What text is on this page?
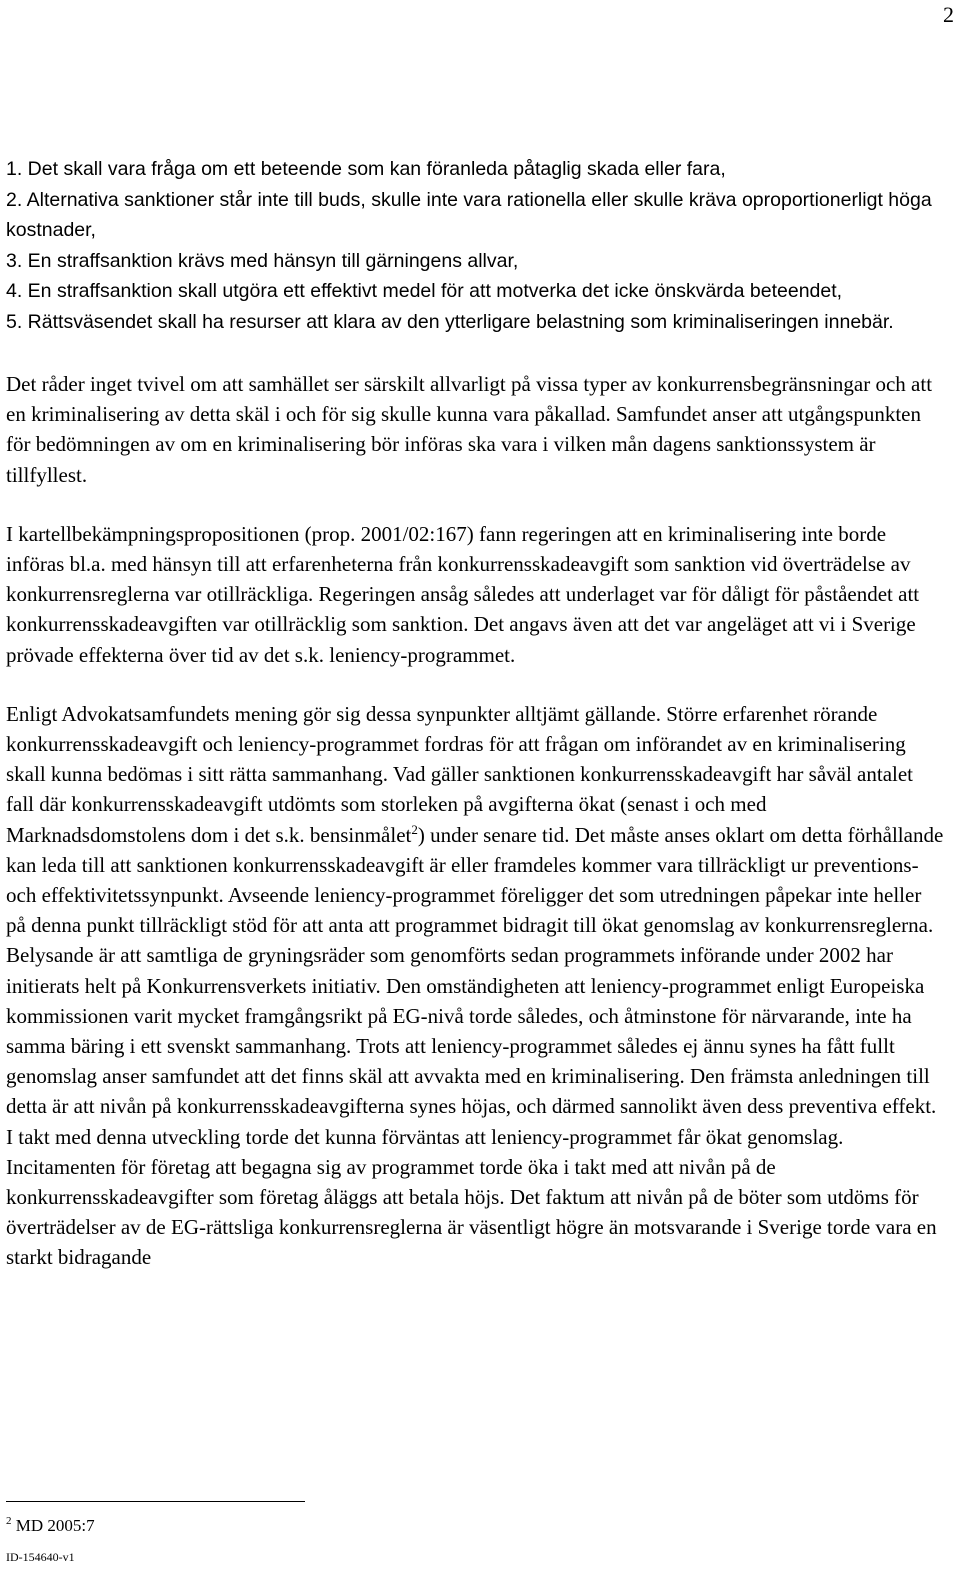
2
1. Det skall vara fråga om ett beteende som kan föranleda påtaglig skada eller fara,
2. Alternativa sanktioner står inte till buds, skulle inte vara rationella eller skulle kräva oproportionerligt höga kostnader,
3. En straffsanktion krävs med hänsyn till gärningens allvar,
4. En straffsanktion skall utgöra ett effektivt medel för att motverka det icke önskvärda beteendet,
5. Rättsväsendet skall ha resurser att klara av den ytterligare belastning som kriminaliseringen innebär.

Det råder inget tvivel om att samhället ser särskilt allvarligt på vissa typer av konkurrensbegränsningar och att en kriminalisering av detta skäl i och för sig skulle kunna vara påkallad. Samfundet anser att utgångspunkten för bedömningen av om en kriminalisering bör införas ska vara i vilken mån dagens sanktionssystem är tillfyllest.

I kartellbekämpningspropositionen (prop. 2001/02:167) fann regeringen att en kriminalisering inte borde införas bl.a. med hänsyn till att erfarenheterna från konkurrensskadeavgift som sanktion vid överträdelse av konkurrensreglerna var otillräckliga. Regeringen ansåg således att underlaget var för dåligt för påståendet att konkurrensskadeavgiften var otillräcklig som sanktion. Det angavs även att det var angeläget att vi i Sverige prövade effekterna över tid av det s.k. leniency-programmet.

Enligt Advokatsamfundets mening gör sig dessa synpunkter alltjämt gällande. Större erfarenhet rörande konkurrensskadeavgift och leniency-programmet fordras för att frågan om införandet av en kriminalisering skall kunna bedömas i sitt rätta sammanhang. Vad gäller sanktionen konkurrensskadeavgift har såväl antalet fall där konkurrensskadeavgift utdömts som storleken på avgifterna ökat (senast i och med Marknadsdomstolens dom i det s.k. bensinmålet$^2$) under senare tid. Det måste anses oklart om detta förhållande kan leda till att sanktionen konkurrensskadeavgift är eller framdeles kommer vara tillräckligt ur preventions- och effektivitetssynpunkt. Avseende leniency-programmet föreligger det som utredningen påpekar inte heller på denna punkt tillräckligt stöd för att anta att programmet bidragit till ökat genomslag av konkurrensreglerna. Belysande är att samtliga de gryningsräder som genomförts sedan programmets införande under 2002 har initierats helt på Konkurrensverkets initiativ. Den omständigheten att leniency-programmet enligt Europeiska kommissionen varit mycket framgångsrikt på EG-nivå torde således, och åtminstone för närvarande, inte ha samma bäring i ett svenskt sammanhang. Trots att leniency-programmet således ej ännu synes ha fått fullt genomslag anser samfundet att det finns skäl att avvakta med en kriminalisering. Den främsta anledningen till detta är att nivån på konkurrensskadeavgifterna synes höjas, och därmed sannolikt även dess preventiva effekt. I takt med denna utveckling torde det kunna förväntas att leniency-programmet får ökat genomslag. Incitamenten för företag att begagna sig av programmet torde öka i takt med att nivån på de konkurrensskadeavgifter som företag åläggs att betala höjs. Det faktum att nivån på de böter som utdöms för överträdelser av de EG-rättsliga konkurrensreglerna är väsentligt högre än motsvarande i Sverige torde vara en starkt bidragande

$^2$ MD 2005:7
ID-154640-v1
